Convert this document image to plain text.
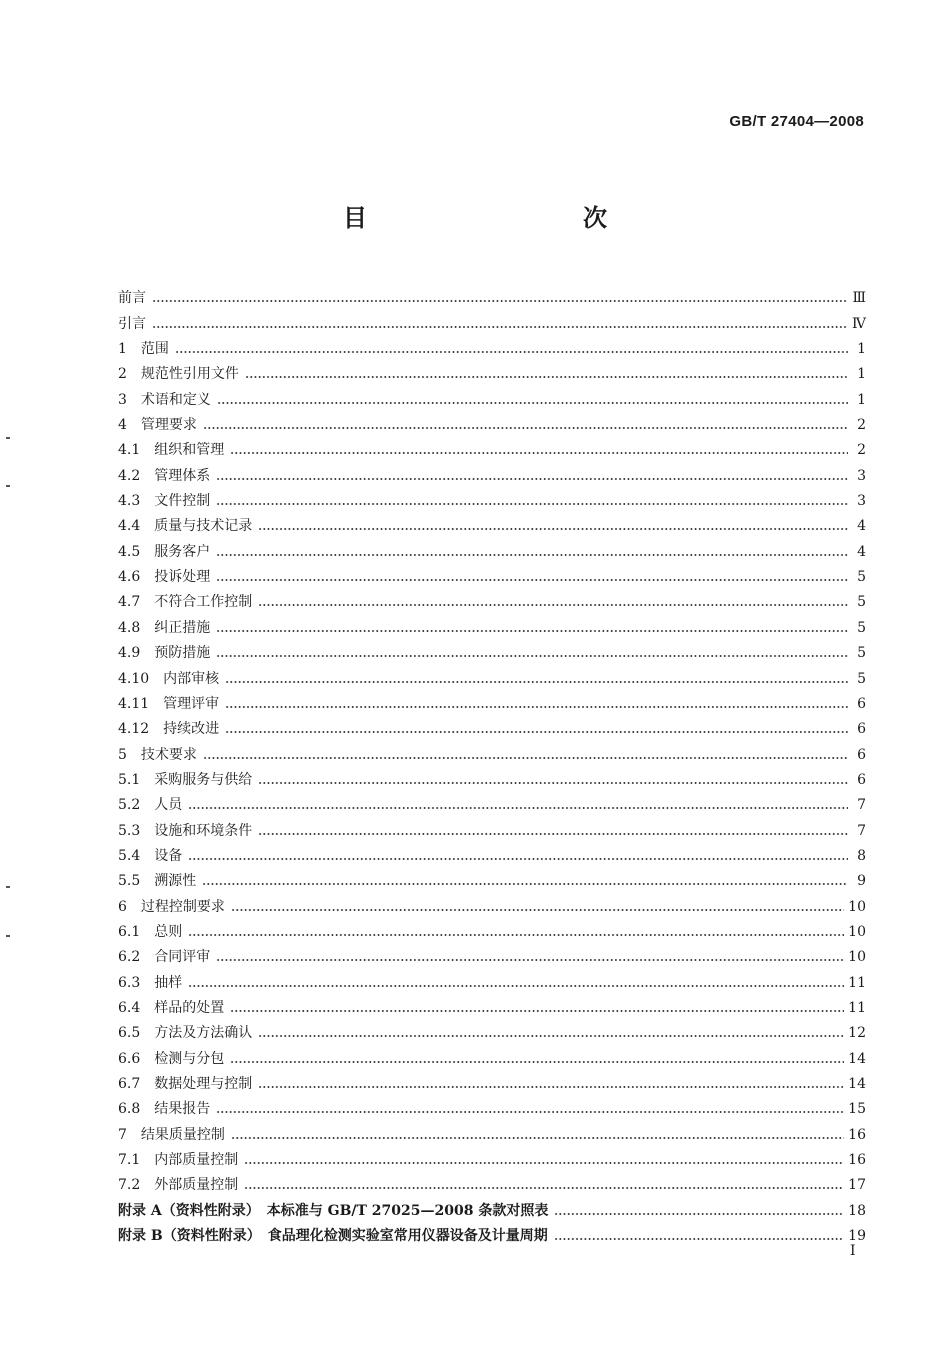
GB/T 27404—2008
目　　次
前言	Ⅲ
引言	Ⅳ
1　范围	1
2　规范性引用文件	1
3　术语和定义	1
4　管理要求	2
4.1　组织和管理	2
4.2　管理体系	3
4.3　文件控制	3
4.4　质量与技术记录	4
4.5　服务客户	4
4.6　投诉处理	5
4.7　不符合工作控制	5
4.8　纠正措施	5
4.9　预防措施	5
4.10　内部审核	5
4.11　管理评审	6
4.12　持续改进	6
5　技术要求	6
5.1　采购服务与供给	6
5.2　人员	7
5.3　设施和环境条件	7
5.4　设备	8
5.5　溯源性	9
6　过程控制要求	10
6.1　总则	10
6.2　合同评审	10
6.3　抽样	11
6.4　样品的处置	11
6.5　方法及方法确认	12
6.6　检测与分包	14
6.7　数据处理与控制	14
6.8　结果报告	15
7　结果质量控制	16
7.1　内部质量控制	16
7.2　外部质量控制	17
附录 A（资料性附录）　本标准与 GB/T 27025—2008 条款对照表	18
附录 B（资料性附录）　食品理化检测实验室常用仪器设备及计量周期	19
I
